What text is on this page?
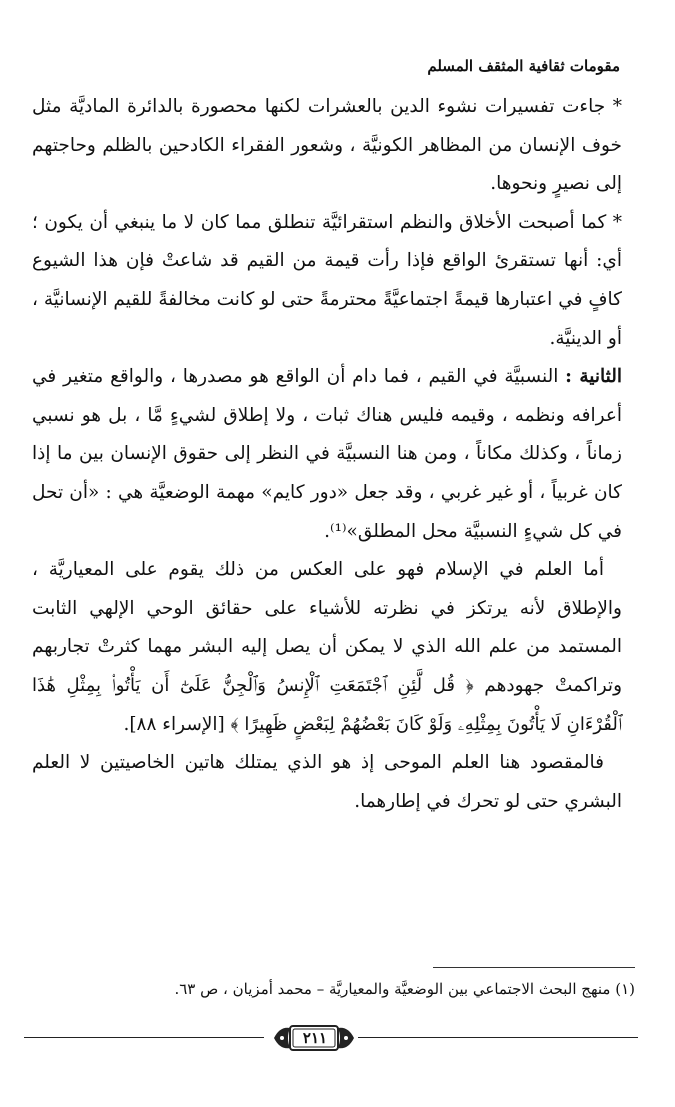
مقومات ثقافية المثقف المسلم

* جاءت تفسيرات نشوء الدين بالعشرات لكنها محصورة بالدائرة الماديَّة مثل خوف الإنسان من المظاهر الكونيَّة ، وشعور الفقراء الكادحين بالظلم وحاجتهم إلى نصيرٍ ونحوها.

* كما أصبحت الأخلاق والنظم استقرائيَّة تنطلق مما كان لا ما ينبغي أن يكون ؛ أي: أنها تستقرئ الواقع فإذا رأت قيمة من القيم قد شاعتْ فإن هذا الشيوع كافٍ في اعتبارها قيمةً اجتماعيَّةً محترمةً حتى لو كانت مخالفةً للقيم الإنسانيَّة ، أو الدينيَّة.

الثانية : النسبيَّة في القيم ، فما دام أن الواقع هو مصدرها ، والواقع متغير في أعرافه ونظمه ، وقيمه فليس هناك ثبات ، ولا إطلاق لشيءٍ مَّا ، بل هو نسبي زماناً ، وكذلك مكاناً ، ومن هنا النسبيَّة في النظر إلى حقوق الإنسان بين ما إذا كان غربياً ، أو غير غربي ، وقد جعل «دور كايم» مهمة الوضعيَّة هي : «أن تحل في كل شيءٍ النسبيَّة محل المطلق»⁽¹⁾.

أما العلم في الإسلام فهو على العكس من ذلك يقوم على المعياريَّة ، والإطلاق لأنه يرتكز في نظرته للأشياء على حقائق الوحي الإلهي الثابت المستمد من علم الله الذي لا يمكن أن يصل إليه البشر مهما كثرتْ تجاربهم وتراكمتْ جهودهم ﴿ قُل لَّئِنِ ٱجْتَمَعَتِ ٱلْإِنسُ وَٱلْجِنُّ عَلَىٰٓ أَن يَأْتُوا۟ بِمِثْلِ هَٰذَا ٱلْقُرْءَانِ لَا يَأْتُونَ بِمِثْلِهِۦ وَلَوْ كَانَ بَعْضُهُمْ لِبَعْضٍ ظَهِيرًا ﴾ [الإسراء ٨٨].

فالمقصود هنا العلم الموحى إذ هو الذي يمتلك هاتين الخاصيتين لا العلم البشري حتى لو تحرك في إطارهما.

(١) منهج البحث الاجتماعي بين الوضعيَّة والمعياريَّة – محمد أمزيان ، ص ٦٣.
٢١١
